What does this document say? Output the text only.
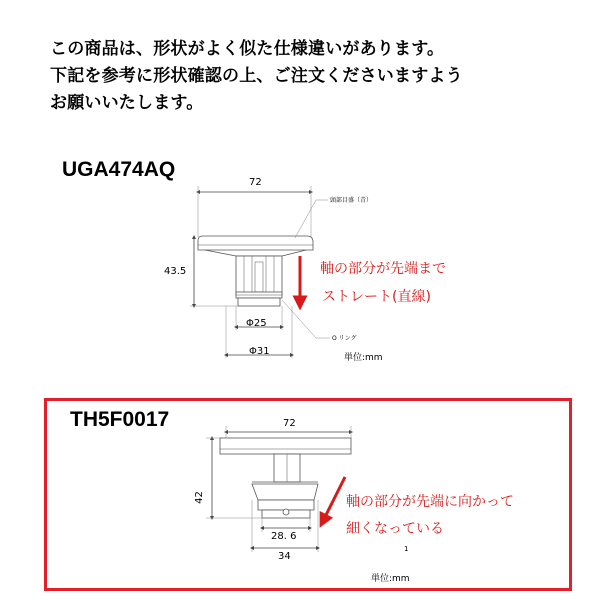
この商品は、形状がよく似た仕様違いがあります。
下記を参考に形状確認の上、ご注文くださいますよう
お願いいたします。
UGA474AQ
TH5F0017
72
43.5
Φ25
Φ31
頭部目盛（青）
O リング
軸の部分が先端まで
ストレート(直線)
単位:mm
72
42
28. 6
34
1
軸の部分が先端に向かって
細くなっている
単位:mm
